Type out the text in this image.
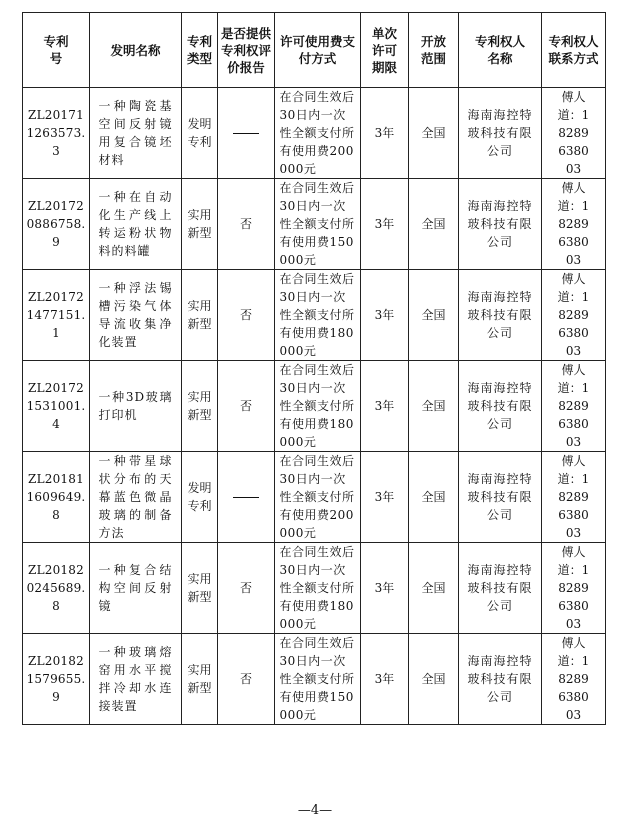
专利号	发明名称	专利类型	是否提供专利权评价报告	许可使用费支付方式	单次许可期限	开放范围	专利权人名称	专利权人联系方式

ZL201711263573.3	一种陶瓷基空间反射镜用复合镜坯材料	发明专利		在合同生效后30日内一次性全额支付所有使用费200000元	3年	全国	海南海控特玻科技有限公司	傅人道：18289638003

ZL201720886758.9	一种在自动化生产线上转运粉状物料的料罐	实用新型	否	在合同生效后30日内一次性全额支付所有使用费150000元	3年	全国	海南海控特玻科技有限公司	傅人道：18289638003

ZL201721477151.1	一种浮法锡槽污染气体导流收集净化装置	实用新型	否	在合同生效后30日内一次性全额支付所有使用费180000元	3年	全国	海南海控特玻科技有限公司	傅人道：18289638003

ZL201721531001.4	一种3D玻璃打印机	实用新型	否	在合同生效后30日内一次性全额支付所有使用费180000元	3年	全国	海南海控特玻科技有限公司	傅人道：18289638003

ZL201811609649.8	一种带星球状分布的天幕蓝色微晶玻璃的制备方法	发明专利		在合同生效后30日内一次性全额支付所有使用费200000元	3年	全国	海南海控特玻科技有限公司	傅人道：18289638003

ZL201820245689.8	一种复合结构空间反射镜	实用新型	否	在合同生效后30日内一次性全额支付所有使用费180000元	3年	全国	海南海控特玻科技有限公司	傅人道：18289638003

ZL201821579655.9	一种玻璃熔窑用水平搅拌冷却水连接装置	实用新型	否	在合同生效后30日内一次性全额支付所有使用费150000元	3年	全国	海南海控特玻科技有限公司	傅人道：18289638003
—4—
